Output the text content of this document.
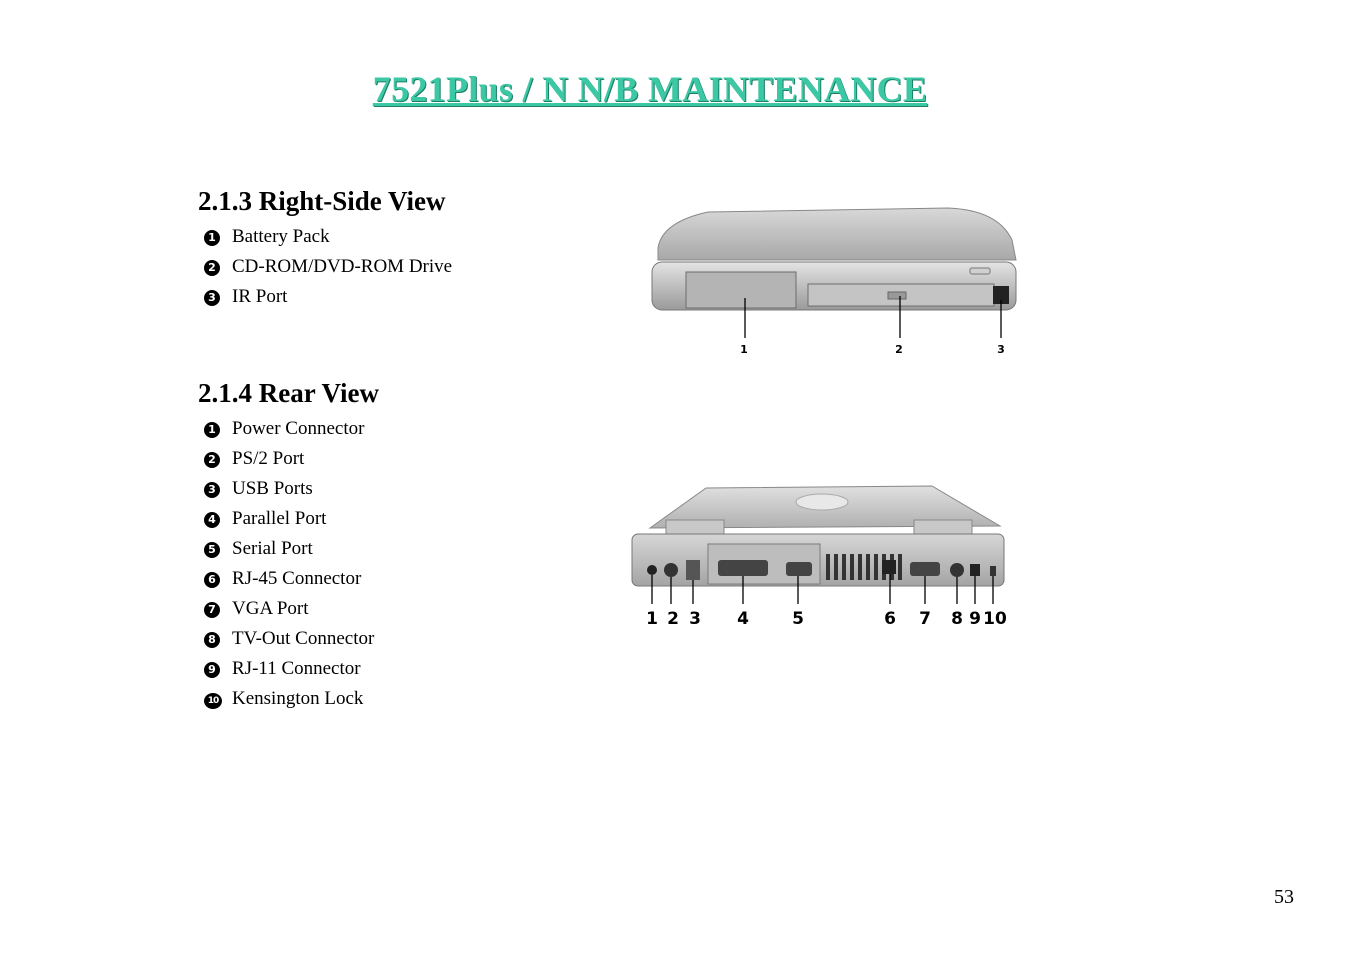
7521Plus / N N/B MAINTENANCE
2.1.3 Right-Side View
1 Battery Pack
2 CD-ROM/DVD-ROM Drive
3 IR Port
1	2	3
2.1.4 Rear View
1 Power Connector
2 PS/2 Port
3 USB Ports
4 Parallel Port
5 Serial Port
6 RJ-45 Connector
7 VGA Port
8 TV-Out Connector
9 RJ-11 Connector
10 Kensington Lock
1 2 3 4	5	6 7 8 9 10
53
